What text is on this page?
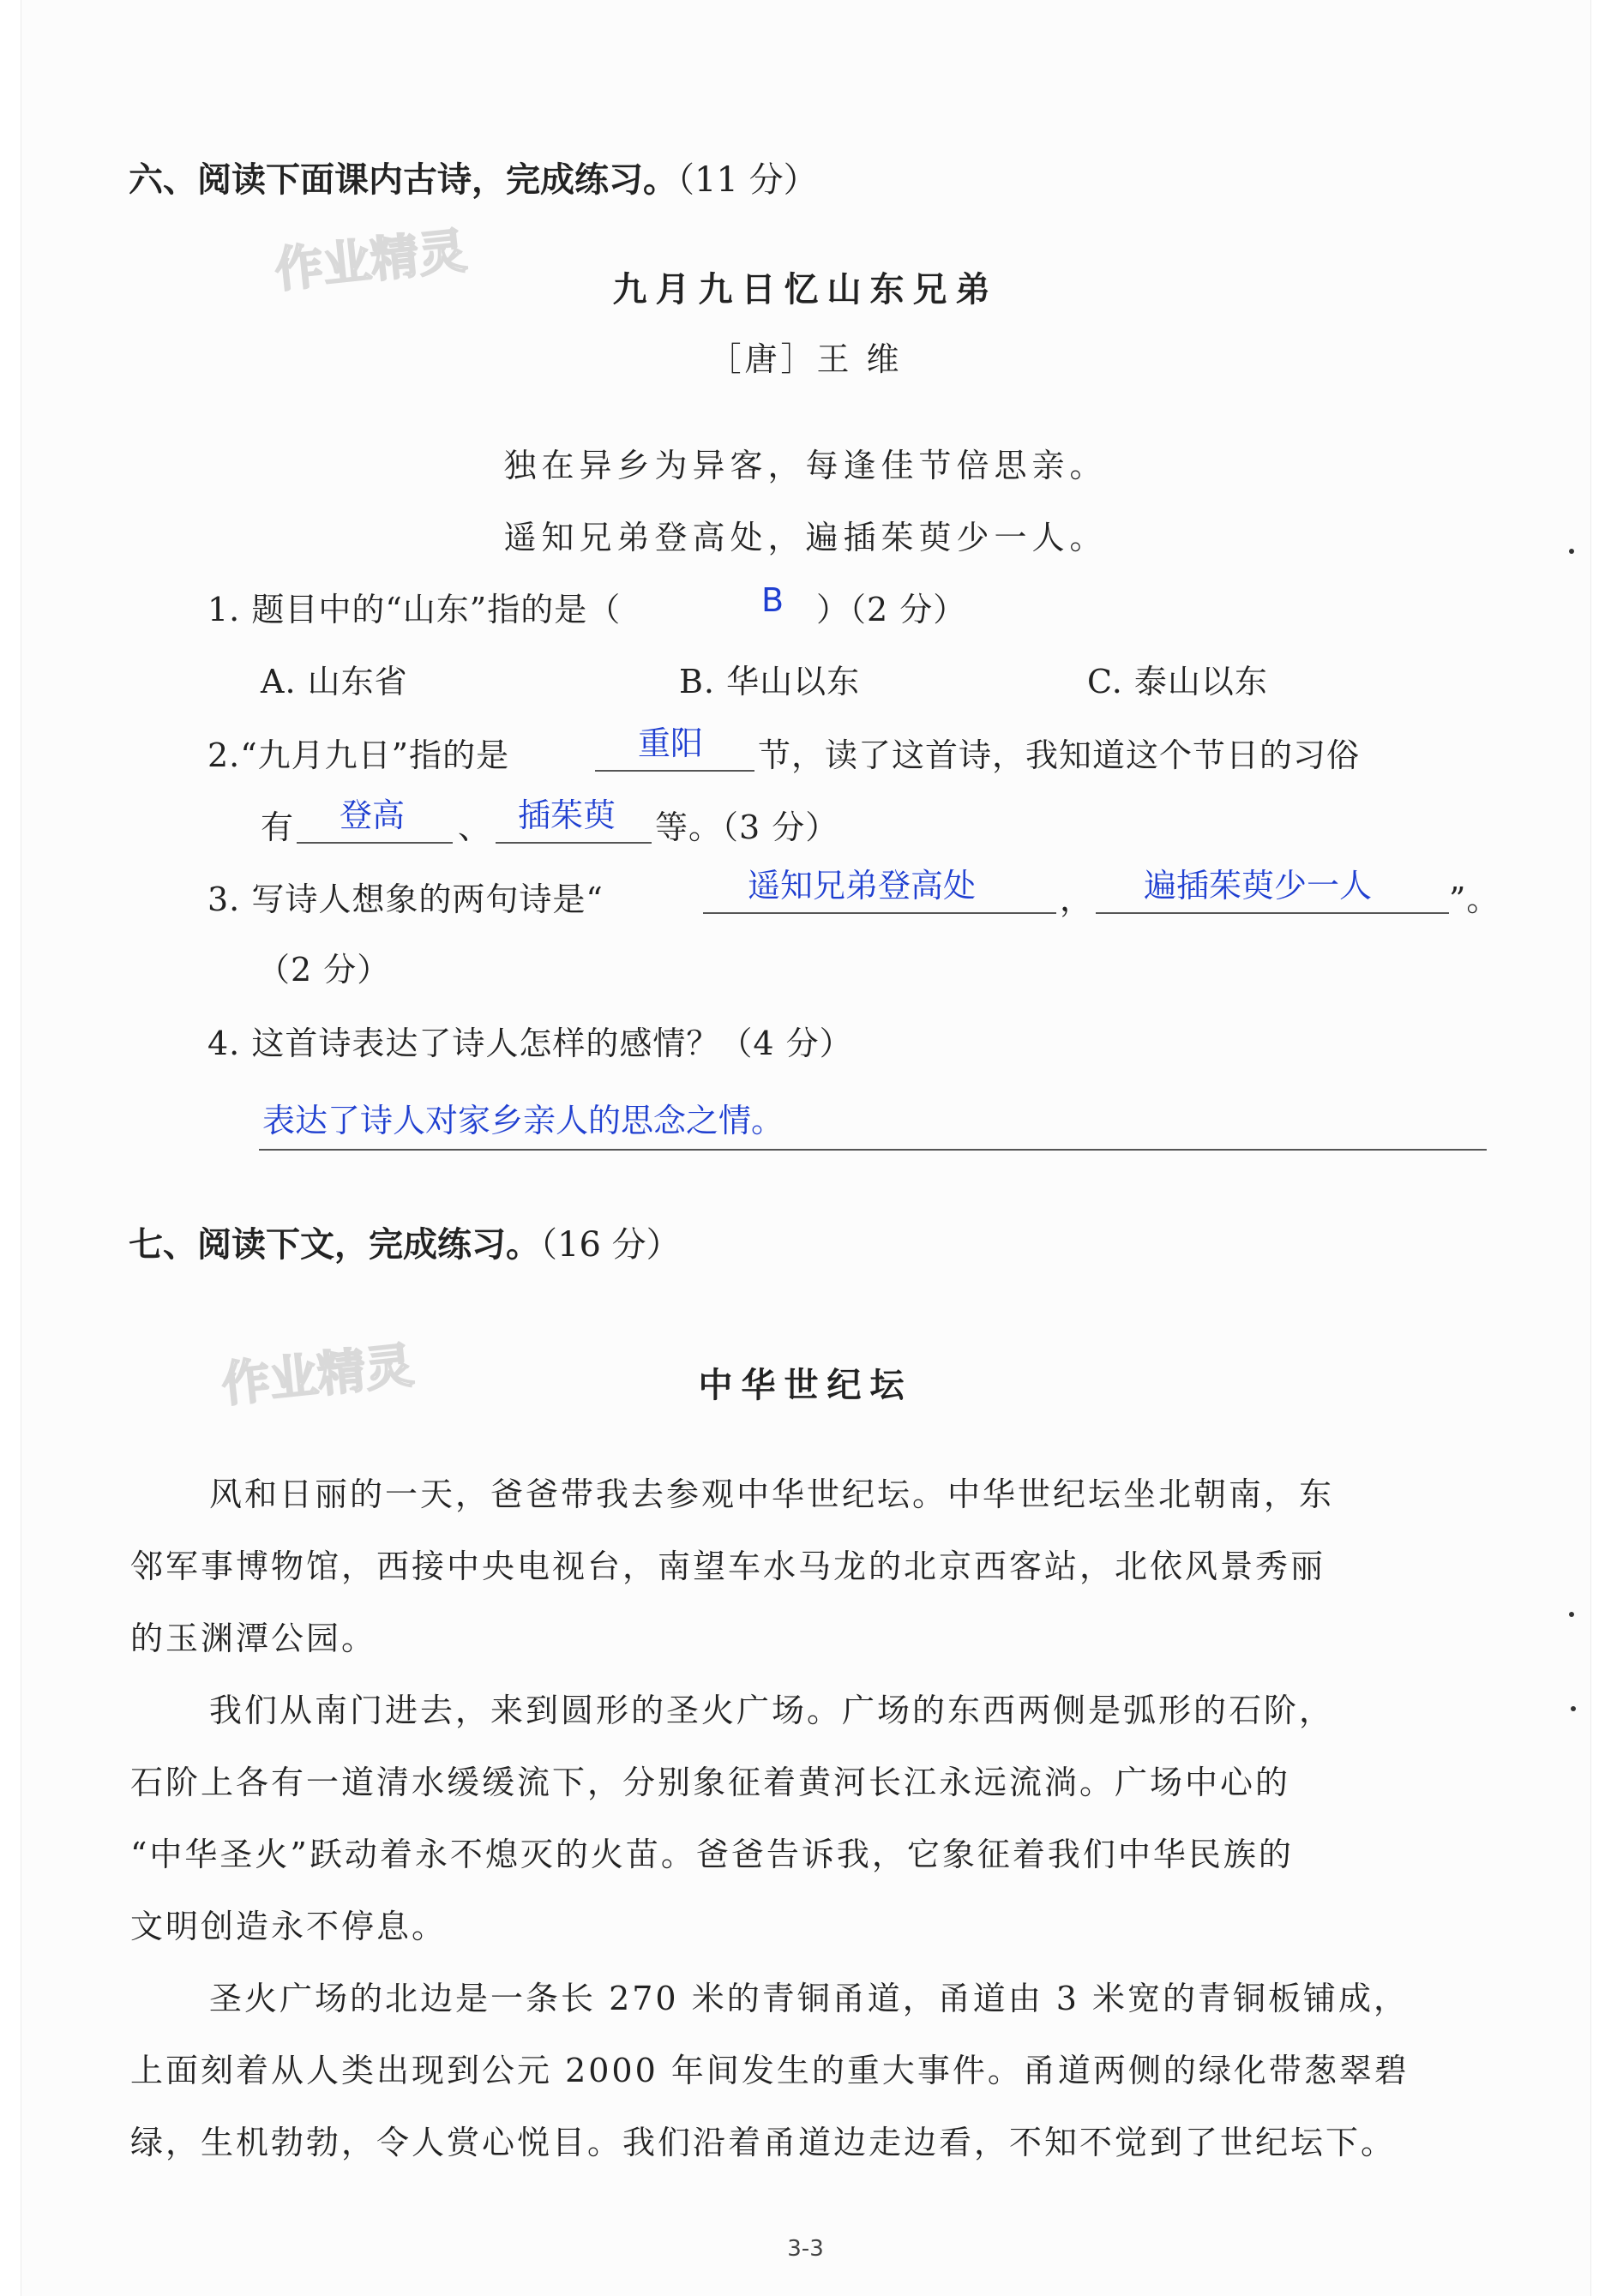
作业精灵
作业精灵
六、阅读下面课内古诗，完成练习。（11 分）
九月九日忆山东兄弟
［唐］王 维
独在异乡为异客，每逢佳节倍思亲。
遥知兄弟登高处，遍插茱萸少一人。
1. 题目中的“山东”指的是（	B ）（2 分）
A. 山东省	B. 华山以东	C. 泰山以东
2.“九月九日”指的是	重阳 节，读了这首诗，我知道这个节日的习俗
有 登高 、 插茱萸 等。（3 分）
3. 写诗人想象的两句诗是“	遥知兄弟登高处	， 遍插茱萸少一人 ”。
（2 分）
4. 这首诗表达了诗人怎样的感情？（4 分）
表达了诗人对家乡亲人的思念之情。
七、阅读下文，完成练习。（16 分）
中华世纪坛
风和日丽的一天，爸爸带我去参观中华世纪坛。中华世纪坛坐北朝南，东
邻军事博物馆，西接中央电视台，南望车水马龙的北京西客站，北依风景秀丽
的玉渊潭公园。
我们从南门进去，来到圆形的圣火广场。广场的东西两侧是弧形的石阶，
石阶上各有一道清水缓缓流下，分别象征着黄河长江永远流淌。广场中心的
“中华圣火”跃动着永不熄灭的火苗。爸爸告诉我，它象征着我们中华民族的
文明创造永不停息。
圣火广场的北边是一条长 270 米的青铜甬道，甬道由 3 米宽的青铜板铺成，
上面刻着从人类出现到公元 2000 年间发生的重大事件。甬道两侧的绿化带葱翠碧
绿，生机勃勃，令人赏心悦目。我们沿着甬道边走边看，不知不觉到了世纪坛下。
3-3
